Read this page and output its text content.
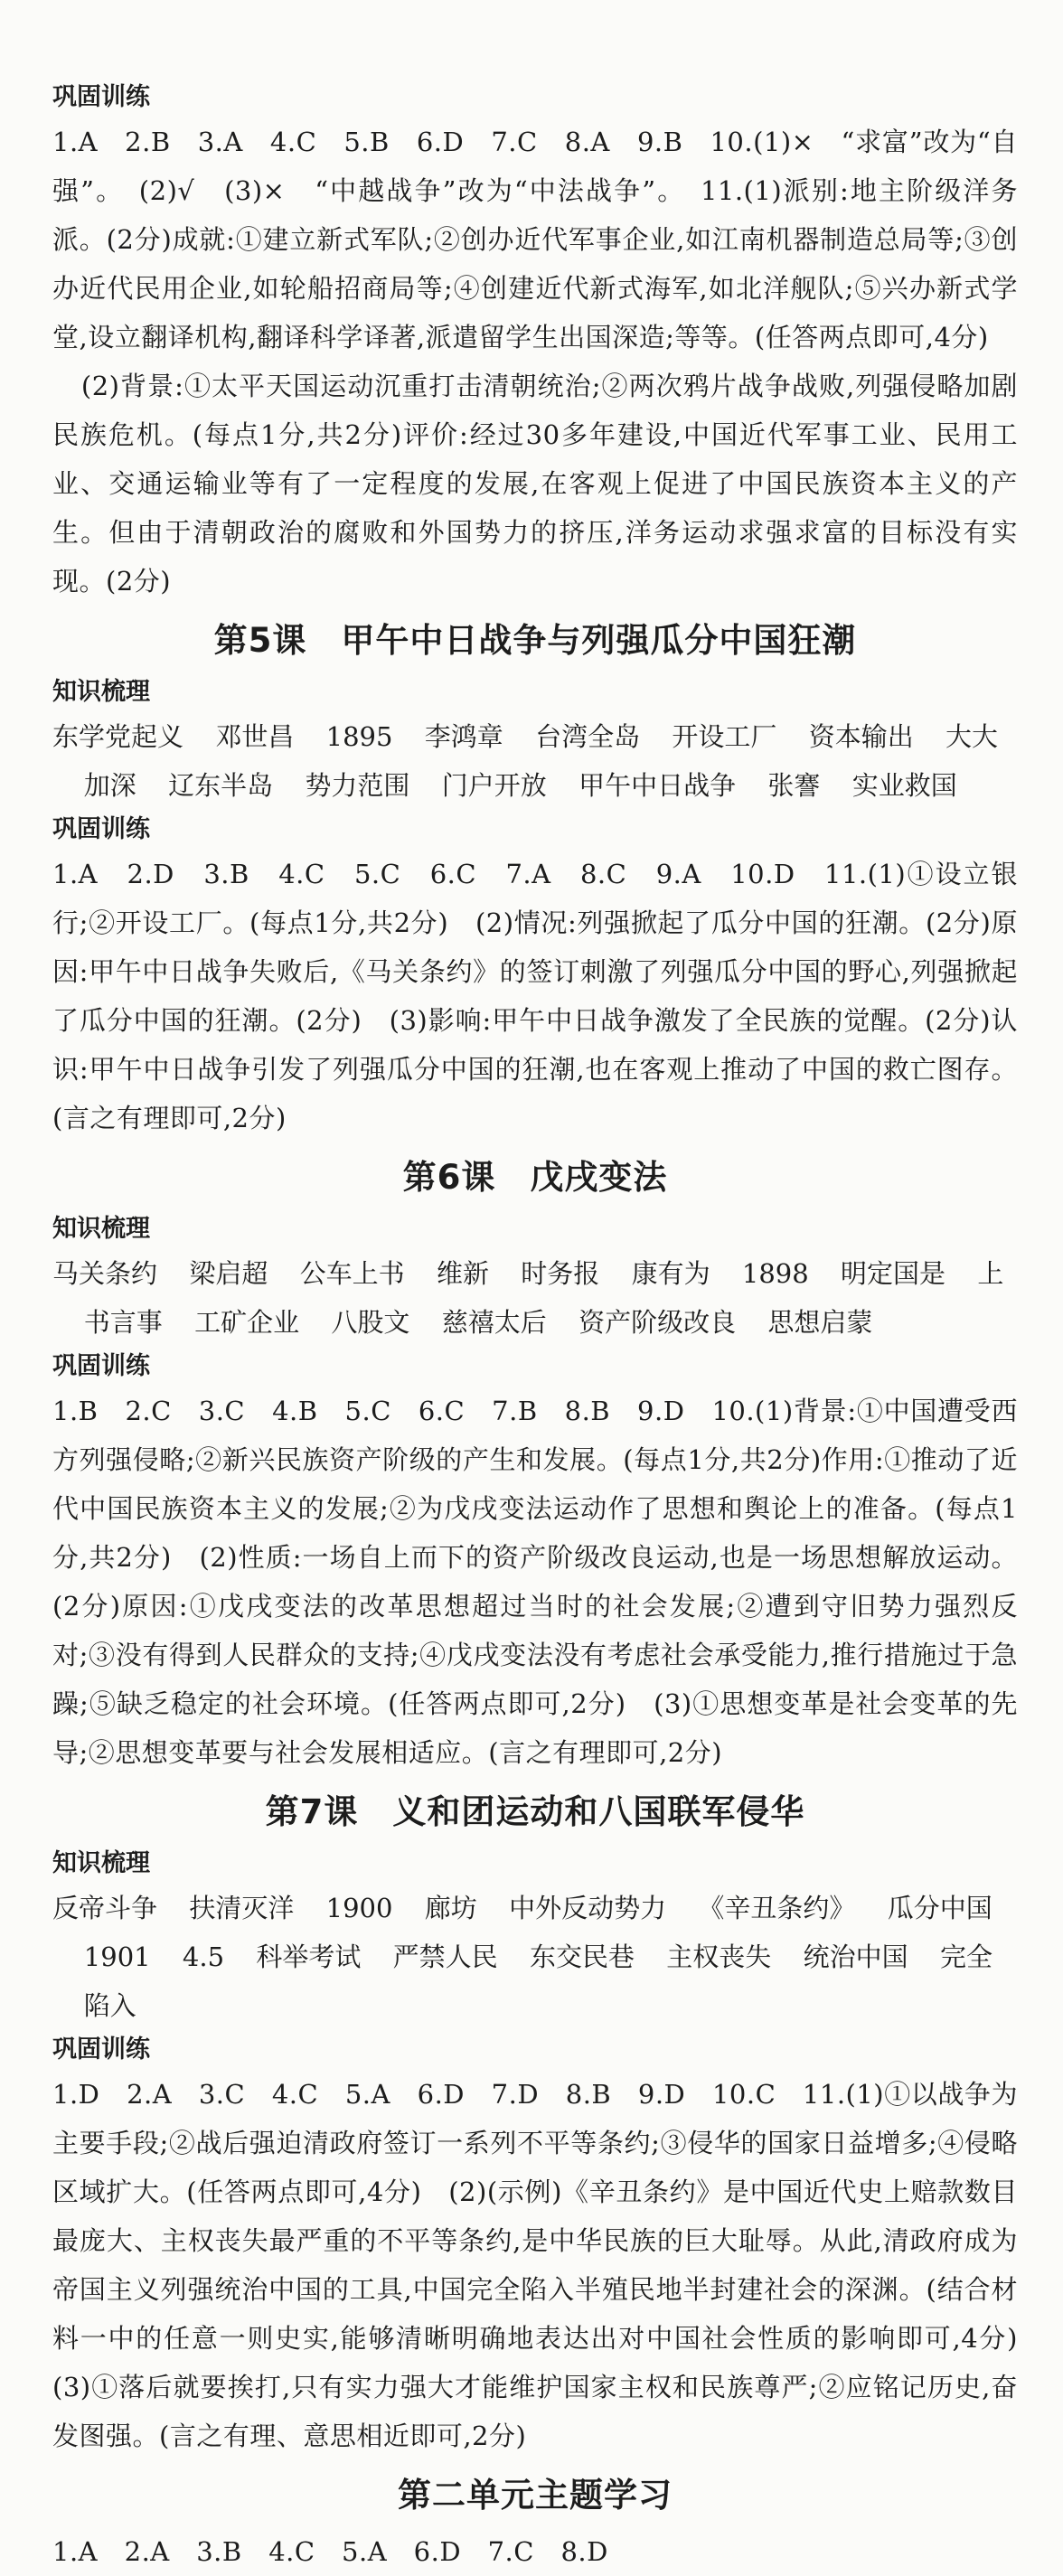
巩固训练

1.A　2.B　3.A　4.C　5.B　6.D　7.C　8.A　9.B　10.(1)×　“求富”改为“自强”。　(2)√　(3)×　“中越战争”改为“中法战争”。　11.(1)派别:地主阶级洋务派。(2分)成就:①建立新式军队;②创办近代军事企业,如江南机器制造总局等;③创办近代民用企业,如轮船招商局等;④创建近代新式海军,如北洋舰队;⑤兴办新式学堂,设立翻译机构,翻译科学译著,派遣留学生出国深造;等等。(任答两点即可,4分)

(2)背景:①太平天国运动沉重打击清朝统治;②两次鸦片战争战败,列强侵略加剧民族危机。(每点1分,共2分)评价:经过30多年建设,中国近代军事工业、民用工业、交通运输业等有了一定程度的发展,在客观上促进了中国民族资本主义的产生。但由于清朝政治的腐败和外国势力的挤压,洋务运动求强求富的目标没有实现。(2分)

第5课　甲午中日战争与列强瓜分中国狂潮
知识梳理

东学党起义 邓世昌 1895 李鸿章 台湾全岛 开设工厂 资本输出 大大加深 辽东半岛 势力范围 门户开放 甲午中日战争 张謇 实业救国

巩固训练

1.A　2.D　3.B　4.C　5.C　6.C　7.A　8.C　9.A　10.D　11.(1)①设立银行;②开设工厂。(每点1分,共2分)　(2)情况:列强掀起了瓜分中国的狂潮。(2分)原因:甲午中日战争失败后,《马关条约》的签订刺激了列强瓜分中国的野心,列强掀起了瓜分中国的狂潮。(2分)　(3)影响:甲午中日战争激发了全民族的觉醒。(2分)认识:甲午中日战争引发了列强瓜分中国的狂潮,也在客观上推动了中国的救亡图存。(言之有理即可,2分)

第6课　戊戌变法
知识梳理

马关条约 梁启超 公车上书 维新 时务报 康有为 1898 明定国是 上书言事 工矿企业 八股文 慈禧太后 资产阶级改良 思想启蒙

巩固训练

1.B　2.C　3.C　4.B　5.C　6.C　7.B　8.B　9.D　10.(1)背景:①中国遭受西方列强侵略;②新兴民族资产阶级的产生和发展。(每点1分,共2分)作用:①推动了近代中国民族资本主义的发展;②为戊戌变法运动作了思想和舆论上的准备。(每点1分,共2分)　(2)性质:一场自上而下的资产阶级改良运动,也是一场思想解放运动。(2分)原因:①戊戌变法的改革思想超过当时的社会发展;②遭到守旧势力强烈反对;③没有得到人民群众的支持;④戊戌变法没有考虑社会承受能力,推行措施过于急躁;⑤缺乏稳定的社会环境。(任答两点即可,2分)　(3)①思想变革是社会变革的先导;②思想变革要与社会发展相适应。(言之有理即可,2分)

第7课　义和团运动和八国联军侵华
知识梳理

反帝斗争 扶清灭洋 1900 廊坊 中外反动势力 《辛丑条约》 瓜分中国 1901 4.5 科举考试 严禁人民 东交民巷 主权丧失 统治中国 完全陷入

巩固训练

1.D　2.A　3.C　4.C　5.A　6.D　7.D　8.B　9.D　10.C　11.(1)①以战争为主要手段;②战后强迫清政府签订一系列不平等条约;③侵华的国家日益增多;④侵略区域扩大。(任答两点即可,4分)　(2)(示例)《辛丑条约》是中国近代史上赔款数目最庞大、主权丧失最严重的不平等条约,是中华民族的巨大耻辱。从此,清政府成为帝国主义列强统治中国的工具,中国完全陷入半殖民地半封建社会的深渊。(结合材料一中的任意一则史实,能够清晰明确地表达出对中国社会性质的影响即可,4分)　(3)①落后就要挨打,只有实力强大才能维护国家主权和民族尊严;②应铭记历史,奋发图强。(言之有理、意思相近即可,2分)

第二单元主题学习

1.A　2.A　3.B　4.C　5.A　6.D　7.C　8.D
